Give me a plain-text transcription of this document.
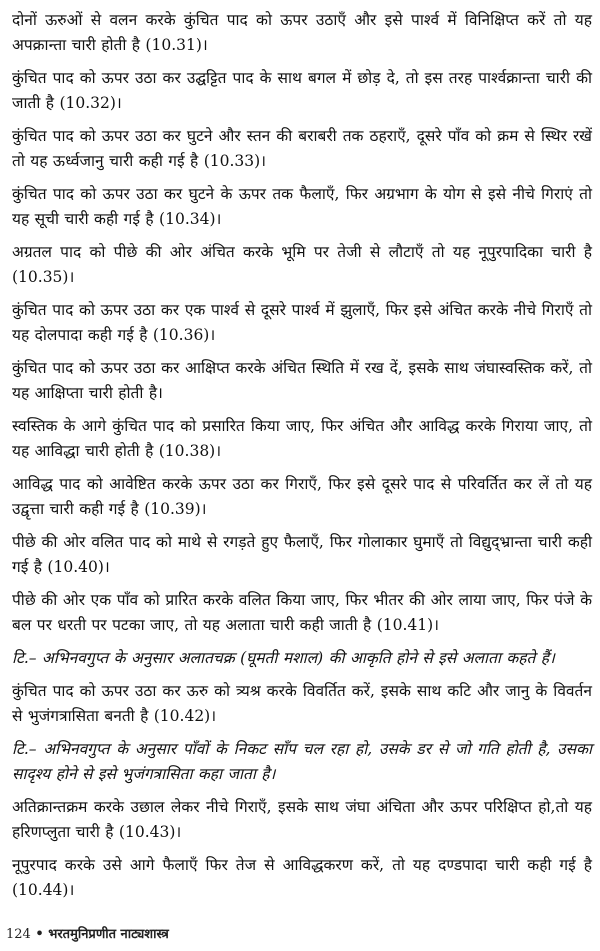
दोनों ऊरुओं से वलन करके कुंचित पाद को ऊपर उठाएँ और इसे पार्श्व में विनिक्षिप्त करें तो यह अपक्रान्ता चारी होती है (10.31)।

कुंचित पाद को ऊपर उठा कर उद्घट्टित पाद के साथ बगल में छोड़ दे, तो इस तरह पार्श्वक्रान्ता चारी की जाती है (10.32)।

कुंचित पाद को ऊपर उठा कर घुटने और स्तन की बराबरी तक ठहराएँ, दूसरे पाँव को क्रम से स्थिर रखें तो यह ऊर्ध्वजानु चारी कही गई है (10.33)।

कुंचित पाद को ऊपर उठा कर घुटने के ऊपर तक फैलाएँ, फिर अग्रभाग के योग से इसे नीचे गिराएं तो यह सूची चारी कही गई है (10.34)।

अग्रतल पाद को पीछे की ओर अंचित करके भूमि पर तेजी से लौटाएँ तो यह नूपुरपादिका चारी है (10.35)।

कुंचित पाद को ऊपर उठा कर एक पार्श्व से दूसरे पार्श्व में झुलाएँ, फिर इसे अंचित करके नीचे गिराएँ तो यह दोलपादा कही गई है (10.36)।

कुंचित पाद को ऊपर उठा कर आक्षिप्त करके अंचित स्थिति में रख दें, इसके साथ जंघास्वस्तिक करें, तो यह आक्षिप्ता चारी होती है।

स्वस्तिक के आगे कुंचित पाद को प्रसारित किया जाए, फिर अंचित और आविद्ध करके गिराया जाए, तो यह आविद्धा चारी होती है (10.38)।

आविद्ध पाद को आवेष्टित करके ऊपर उठा कर गिराएँ, फिर इसे दूसरे पाद से परिवर्तित कर लें तो यह उद्वृत्ता चारी कही गई है (10.39)।

पीछे की ओर वलित पाद को माथे से रगड़ते हुए फैलाएँ, फिर गोलाकार घुमाएँ तो विद्युद्भ्रान्ता चारी कही गई है (10.40)।

पीछे की ओर एक पाँव को प्रारित करके वलित किया जाए, फिर भीतर की ओर लाया जाए, फिर पंजे के बल पर धरती पर पटका जाए, तो यह अलाता चारी कही जाती है (10.41)।

टि.– अभिनवगुप्त के अनुसार अलातचक्र (घूमती मशाल) की आकृति होने से इसे अलाता कहते हैं।

कुंचित पाद को ऊपर उठा कर ऊरु को त्र्यश्र करके विवर्तित करें, इसके साथ कटि और जानु के विवर्तन से भुजंगत्रासिता बनती है (10.42)।

टि.– अभिनवगुप्त के अनुसार पाँवों के निकट साँप चल रहा हो, उसके डर से जो गति होती है, उसका सादृश्य होने से इसे भुजंगत्रासिता कहा जाता है।

अतिक्रान्तक्रम करके उछाल लेकर नीचे गिराएँ, इसके साथ जंघा अंचिता और ऊपर परिक्षिप्त हो,तो यह हरिणप्लुता चारी है (10.43)।

नूपुरपाद करके उसे आगे फैलाएँ फिर तेज से आविद्धकरण करें, तो यह दण्डपादा चारी कही गई है (10.44)।

124 • भरतमुनिप्रणीत नाट्यशास्त्र
